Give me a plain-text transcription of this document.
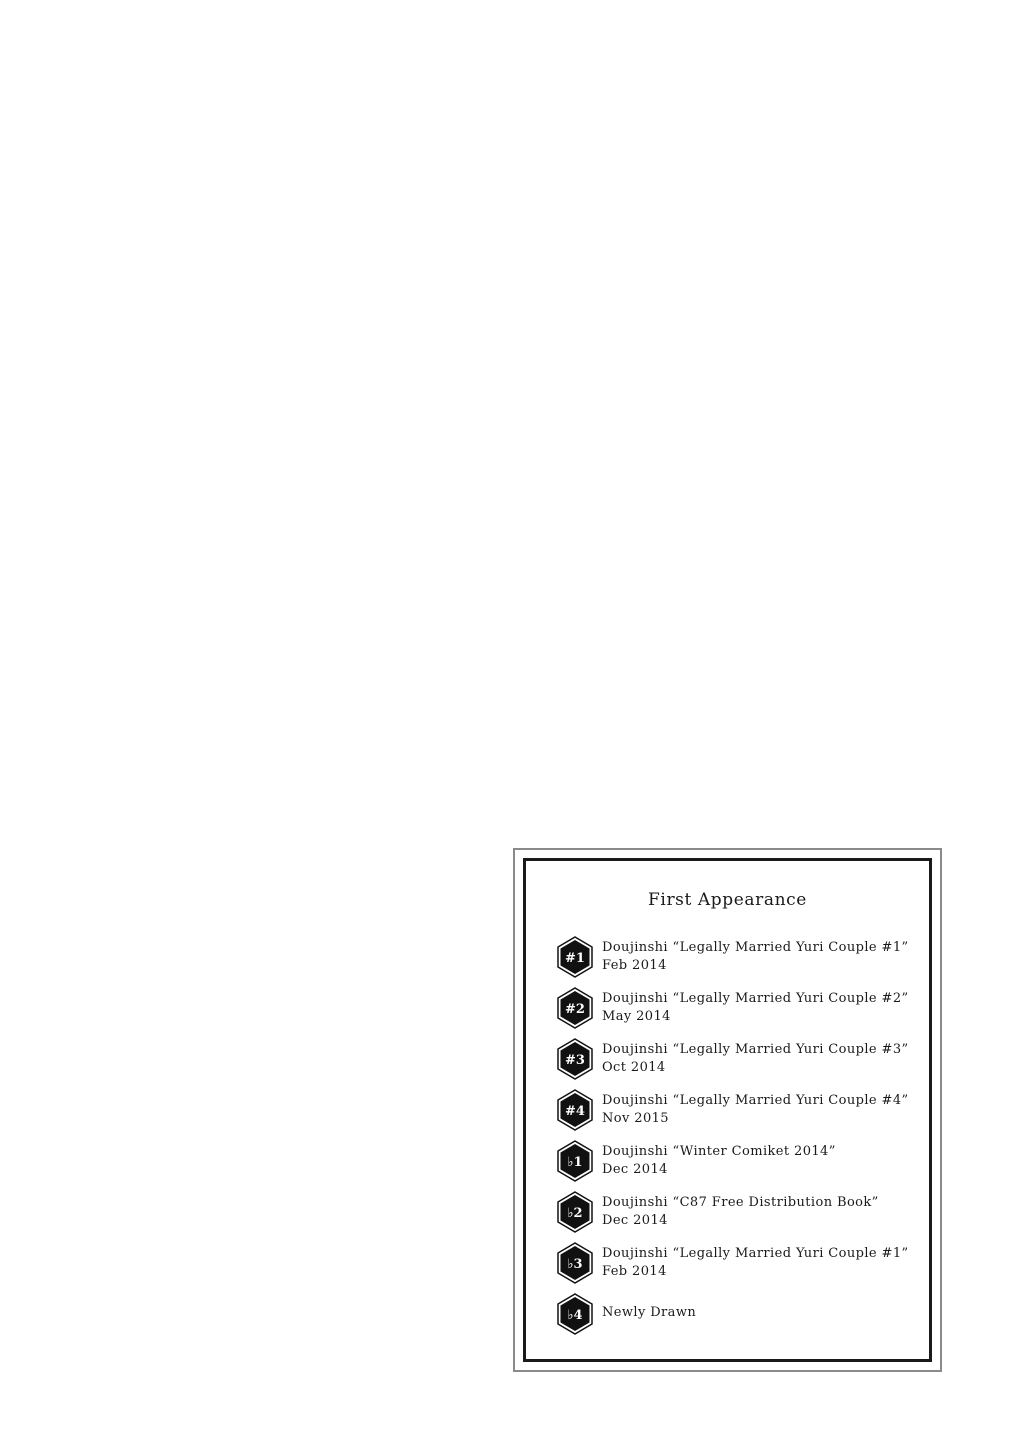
First Appearance
#1
Doujinshi “Legally Married Yuri Couple #1”
Feb 2014
#2
Doujinshi “Legally Married Yuri Couple #2”
May 2014
#3
Doujinshi “Legally Married Yuri Couple #3”
Oct 2014
#4
Doujinshi “Legally Married Yuri Couple #4”
Nov 2015
♭1
Doujinshi “Winter Comiket 2014”
Dec 2014
♭2
Doujinshi “C87 Free Distribution Book”
Dec 2014
♭3
Doujinshi “Legally Married Yuri Couple #1”
Feb 2014
♭4 Newly Drawn
